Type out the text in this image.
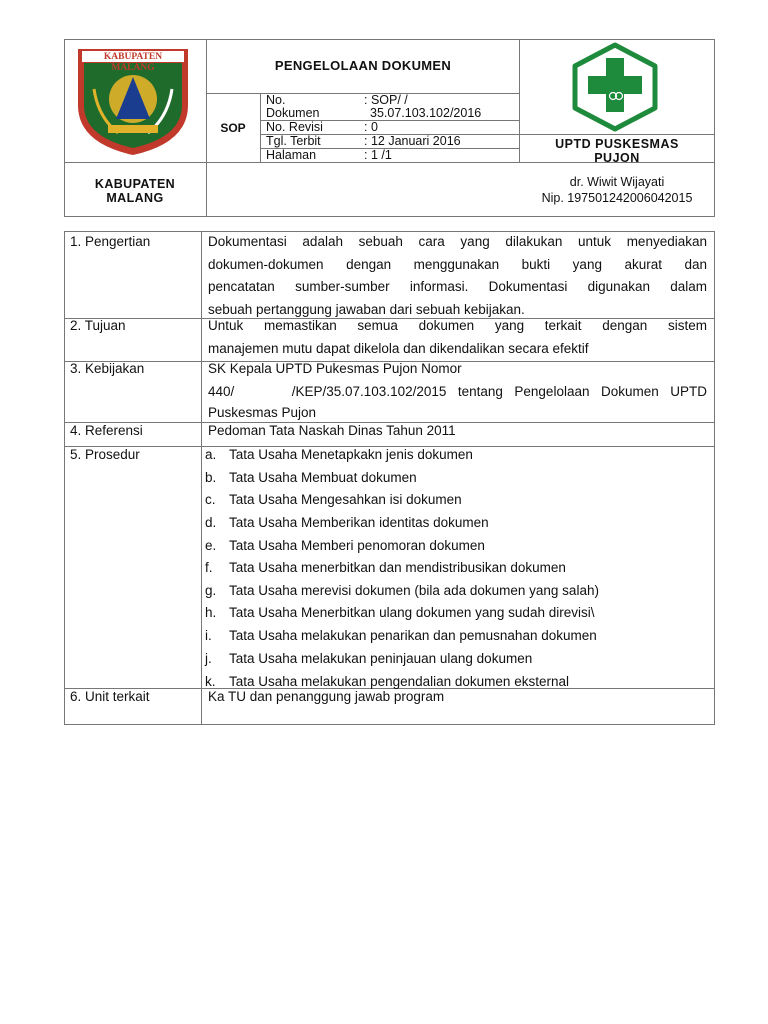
KABUPATEN MALANG	PENGELOLAAN DOKUMEN
SOP
No.	: SOP/ /
Dokumen	35.07.103.102/2016
No. Revisi	: 0
Tgl. Terbit	: 12 Januari 2016
Halaman	: 1 /1
UPTD PUSKESMAS
PUJON
KABUPATEN
MALANG
dr. Wiwit Wijayati
Nip. 197501242006042015
1. Pengertian	Dokumentasi adalah sebuah cara yang dilakukan untuk menyediakan
dokumen-dokumen dengan menggunakan bukti yang akurat dan
pencatatan sumber-sumber informasi. Dokumentasi digunakan dalam
sebuah pertanggung jawaban dari sebuah kebijakan.
2. Tujuan	Untuk memastikan semua dokumen yang terkait dengan sistem
manajemen mutu dapat dikelola dan dikendalikan secara efektif
3. Kebijakan	SK Kepala UPTD Pukesmas Pujon Nomor
440/     /KEP/35.07.103.102/2015 tentang Pengelolaan Dokumen UPTD
Puskesmas Pujon
4. Referensi	Pedoman Tata Naskah Dinas Tahun 2011
5. Prosedur	a. Tata Usaha Menetapkakn jenis dokumen
b. Tata Usaha Membuat dokumen
c. Tata Usaha Mengesahkan isi dokumen
d. Tata Usaha Memberikan identitas dokumen
e. Tata Usaha Memberi penomoran dokumen
f. Tata Usaha menerbitkan dan mendistribusikan dokumen
g. Tata Usaha merevisi dokumen (bila ada dokumen yang salah)
h. Tata Usaha Menerbitkan ulang dokumen yang sudah direvisi\
i. Tata Usaha melakukan penarikan dan pemusnahan dokumen
j. Tata Usaha melakukan peninjauan ulang dokumen
k. Tata Usaha melakukan pengendalian dokumen eksternal
6. Unit terkait	Ka TU dan penanggung jawab program
